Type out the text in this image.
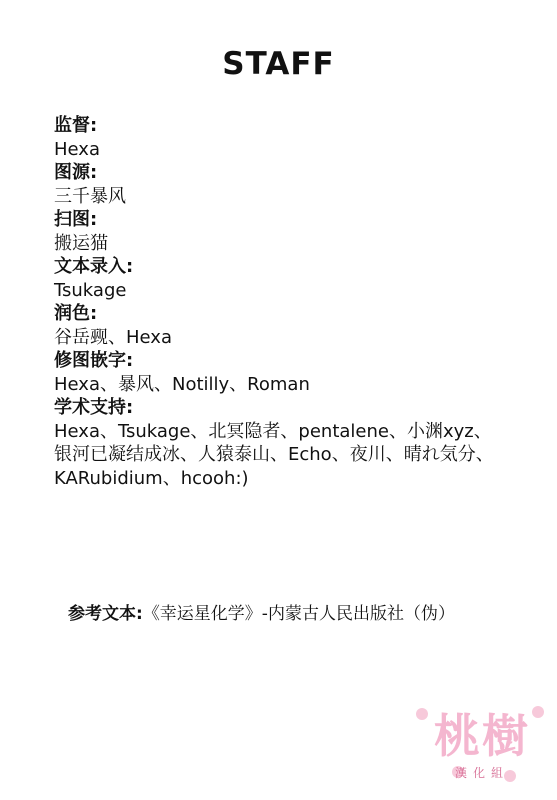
STAFF
监督:
Hexa
图源:
三千暴风
扫图:
搬运猫
文本录入:
Tsukage
润色:
谷岳觋、Hexa
修图嵌字:
Hexa、暴风、Notilly、Roman
学术支持:
Hexa、Tsukage、北冥隐者、pentalene、小渊xyz、
银河已凝结成冰、人猿泰山、Echo、夜川、晴れ気分、
KARubidium、hcooh:)
参考文本:《幸运星化学》-内蒙古人民出版社（伪）
桃樹
漢化組
